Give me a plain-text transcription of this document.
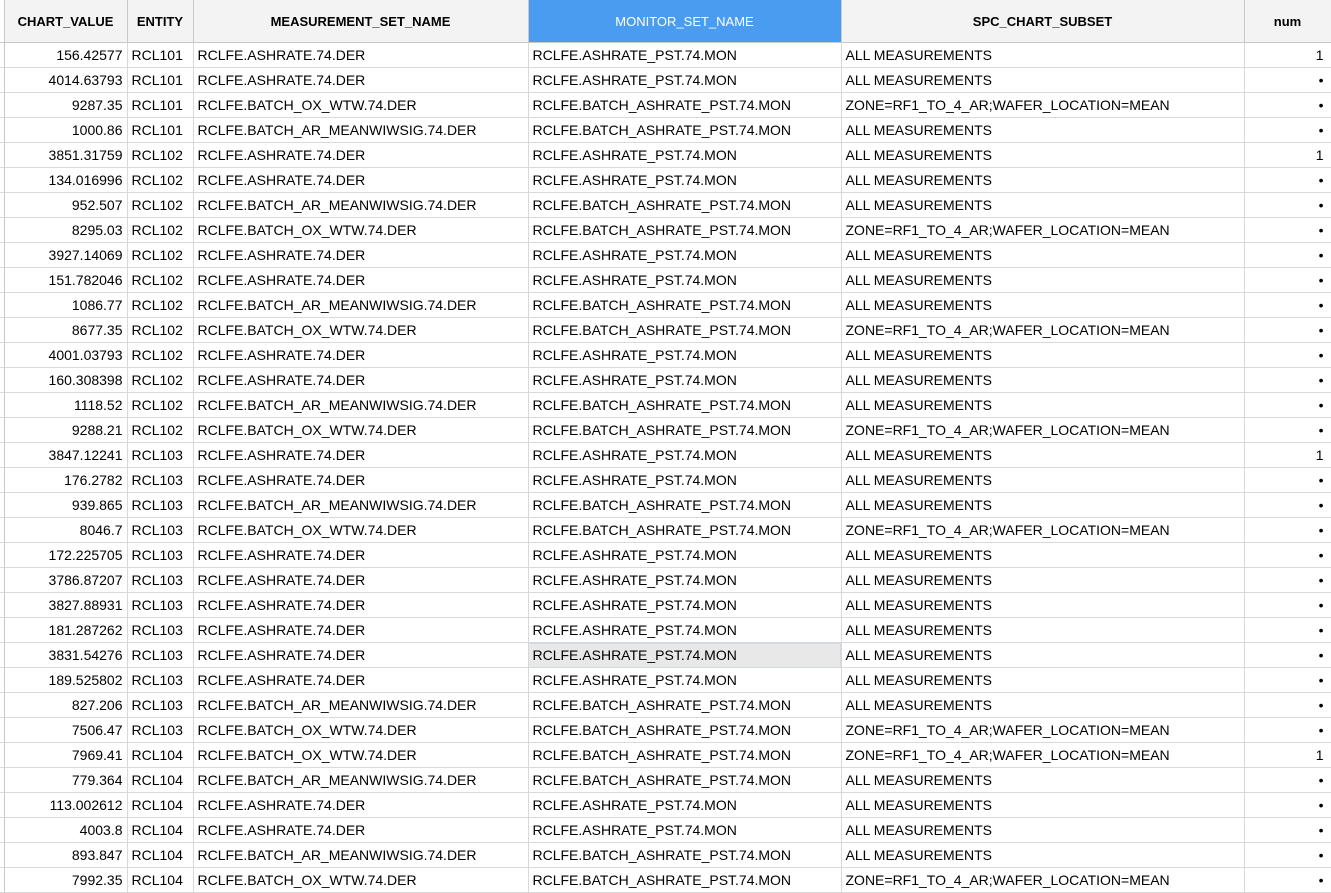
	CHART_VALUE	ENTITY	MEASUREMENT_SET_NAME	MONITOR_SET_NAME	SPC_CHART_SUBSET	num
	156.42577	RCL101	RCLFE.ASHRATE.74.DER	RCLFE.ASHRATE_PST.74.MON	ALL MEASUREMENTS	1
	4014.63793	RCL101	RCLFE.ASHRATE.74.DER	RCLFE.ASHRATE_PST.74.MON	ALL MEASUREMENTS	•
	9287.35	RCL101	RCLFE.BATCH_OX_WTW.74.DER	RCLFE.BATCH_ASHRATE_PST.74.MON	ZONE=RF1_TO_4_AR;WAFER_LOCATION=MEAN	•
	1000.86	RCL101	RCLFE.BATCH_AR_MEANWIWSIG.74.DER	RCLFE.BATCH_ASHRATE_PST.74.MON	ALL MEASUREMENTS	•
	3851.31759	RCL102	RCLFE.ASHRATE.74.DER	RCLFE.ASHRATE_PST.74.MON	ALL MEASUREMENTS	1
	134.016996	RCL102	RCLFE.ASHRATE.74.DER	RCLFE.ASHRATE_PST.74.MON	ALL MEASUREMENTS	•
	952.507	RCL102	RCLFE.BATCH_AR_MEANWIWSIG.74.DER	RCLFE.BATCH_ASHRATE_PST.74.MON	ALL MEASUREMENTS	•
	8295.03	RCL102	RCLFE.BATCH_OX_WTW.74.DER	RCLFE.BATCH_ASHRATE_PST.74.MON	ZONE=RF1_TO_4_AR;WAFER_LOCATION=MEAN	•
	3927.14069	RCL102	RCLFE.ASHRATE.74.DER	RCLFE.ASHRATE_PST.74.MON	ALL MEASUREMENTS	•
	151.782046	RCL102	RCLFE.ASHRATE.74.DER	RCLFE.ASHRATE_PST.74.MON	ALL MEASUREMENTS	•
	1086.77	RCL102	RCLFE.BATCH_AR_MEANWIWSIG.74.DER	RCLFE.BATCH_ASHRATE_PST.74.MON	ALL MEASUREMENTS	•
	8677.35	RCL102	RCLFE.BATCH_OX_WTW.74.DER	RCLFE.BATCH_ASHRATE_PST.74.MON	ZONE=RF1_TO_4_AR;WAFER_LOCATION=MEAN	•
	4001.03793	RCL102	RCLFE.ASHRATE.74.DER	RCLFE.ASHRATE_PST.74.MON	ALL MEASUREMENTS	•
	160.308398	RCL102	RCLFE.ASHRATE.74.DER	RCLFE.ASHRATE_PST.74.MON	ALL MEASUREMENTS	•
	1118.52	RCL102	RCLFE.BATCH_AR_MEANWIWSIG.74.DER	RCLFE.BATCH_ASHRATE_PST.74.MON	ALL MEASUREMENTS	•
	9288.21	RCL102	RCLFE.BATCH_OX_WTW.74.DER	RCLFE.BATCH_ASHRATE_PST.74.MON	ZONE=RF1_TO_4_AR;WAFER_LOCATION=MEAN	•
	3847.12241	RCL103	RCLFE.ASHRATE.74.DER	RCLFE.ASHRATE_PST.74.MON	ALL MEASUREMENTS	1
	176.2782	RCL103	RCLFE.ASHRATE.74.DER	RCLFE.ASHRATE_PST.74.MON	ALL MEASUREMENTS	•
	939.865	RCL103	RCLFE.BATCH_AR_MEANWIWSIG.74.DER	RCLFE.BATCH_ASHRATE_PST.74.MON	ALL MEASUREMENTS	•
	8046.7	RCL103	RCLFE.BATCH_OX_WTW.74.DER	RCLFE.BATCH_ASHRATE_PST.74.MON	ZONE=RF1_TO_4_AR;WAFER_LOCATION=MEAN	•
	172.225705	RCL103	RCLFE.ASHRATE.74.DER	RCLFE.ASHRATE_PST.74.MON	ALL MEASUREMENTS	•
	3786.87207	RCL103	RCLFE.ASHRATE.74.DER	RCLFE.ASHRATE_PST.74.MON	ALL MEASUREMENTS	•
	3827.88931	RCL103	RCLFE.ASHRATE.74.DER	RCLFE.ASHRATE_PST.74.MON	ALL MEASUREMENTS	•
	181.287262	RCL103	RCLFE.ASHRATE.74.DER	RCLFE.ASHRATE_PST.74.MON	ALL MEASUREMENTS	•
	3831.54276	RCL103	RCLFE.ASHRATE.74.DER	RCLFE.ASHRATE_PST.74.MON	ALL MEASUREMENTS	•
	189.525802	RCL103	RCLFE.ASHRATE.74.DER	RCLFE.ASHRATE_PST.74.MON	ALL MEASUREMENTS	•
	827.206	RCL103	RCLFE.BATCH_AR_MEANWIWSIG.74.DER	RCLFE.BATCH_ASHRATE_PST.74.MON	ALL MEASUREMENTS	•
	7506.47	RCL103	RCLFE.BATCH_OX_WTW.74.DER	RCLFE.BATCH_ASHRATE_PST.74.MON	ZONE=RF1_TO_4_AR;WAFER_LOCATION=MEAN	•
	7969.41	RCL104	RCLFE.BATCH_OX_WTW.74.DER	RCLFE.BATCH_ASHRATE_PST.74.MON	ZONE=RF1_TO_4_AR;WAFER_LOCATION=MEAN	1
	779.364	RCL104	RCLFE.BATCH_AR_MEANWIWSIG.74.DER	RCLFE.BATCH_ASHRATE_PST.74.MON	ALL MEASUREMENTS	•
	113.002612	RCL104	RCLFE.ASHRATE.74.DER	RCLFE.ASHRATE_PST.74.MON	ALL MEASUREMENTS	•
	4003.8	RCL104	RCLFE.ASHRATE.74.DER	RCLFE.ASHRATE_PST.74.MON	ALL MEASUREMENTS	•
	893.847	RCL104	RCLFE.BATCH_AR_MEANWIWSIG.74.DER	RCLFE.BATCH_ASHRATE_PST.74.MON	ALL MEASUREMENTS	•
	7992.35	RCL104	RCLFE.BATCH_OX_WTW.74.DER	RCLFE.BATCH_ASHRATE_PST.74.MON	ZONE=RF1_TO_4_AR;WAFER_LOCATION=MEAN	•
